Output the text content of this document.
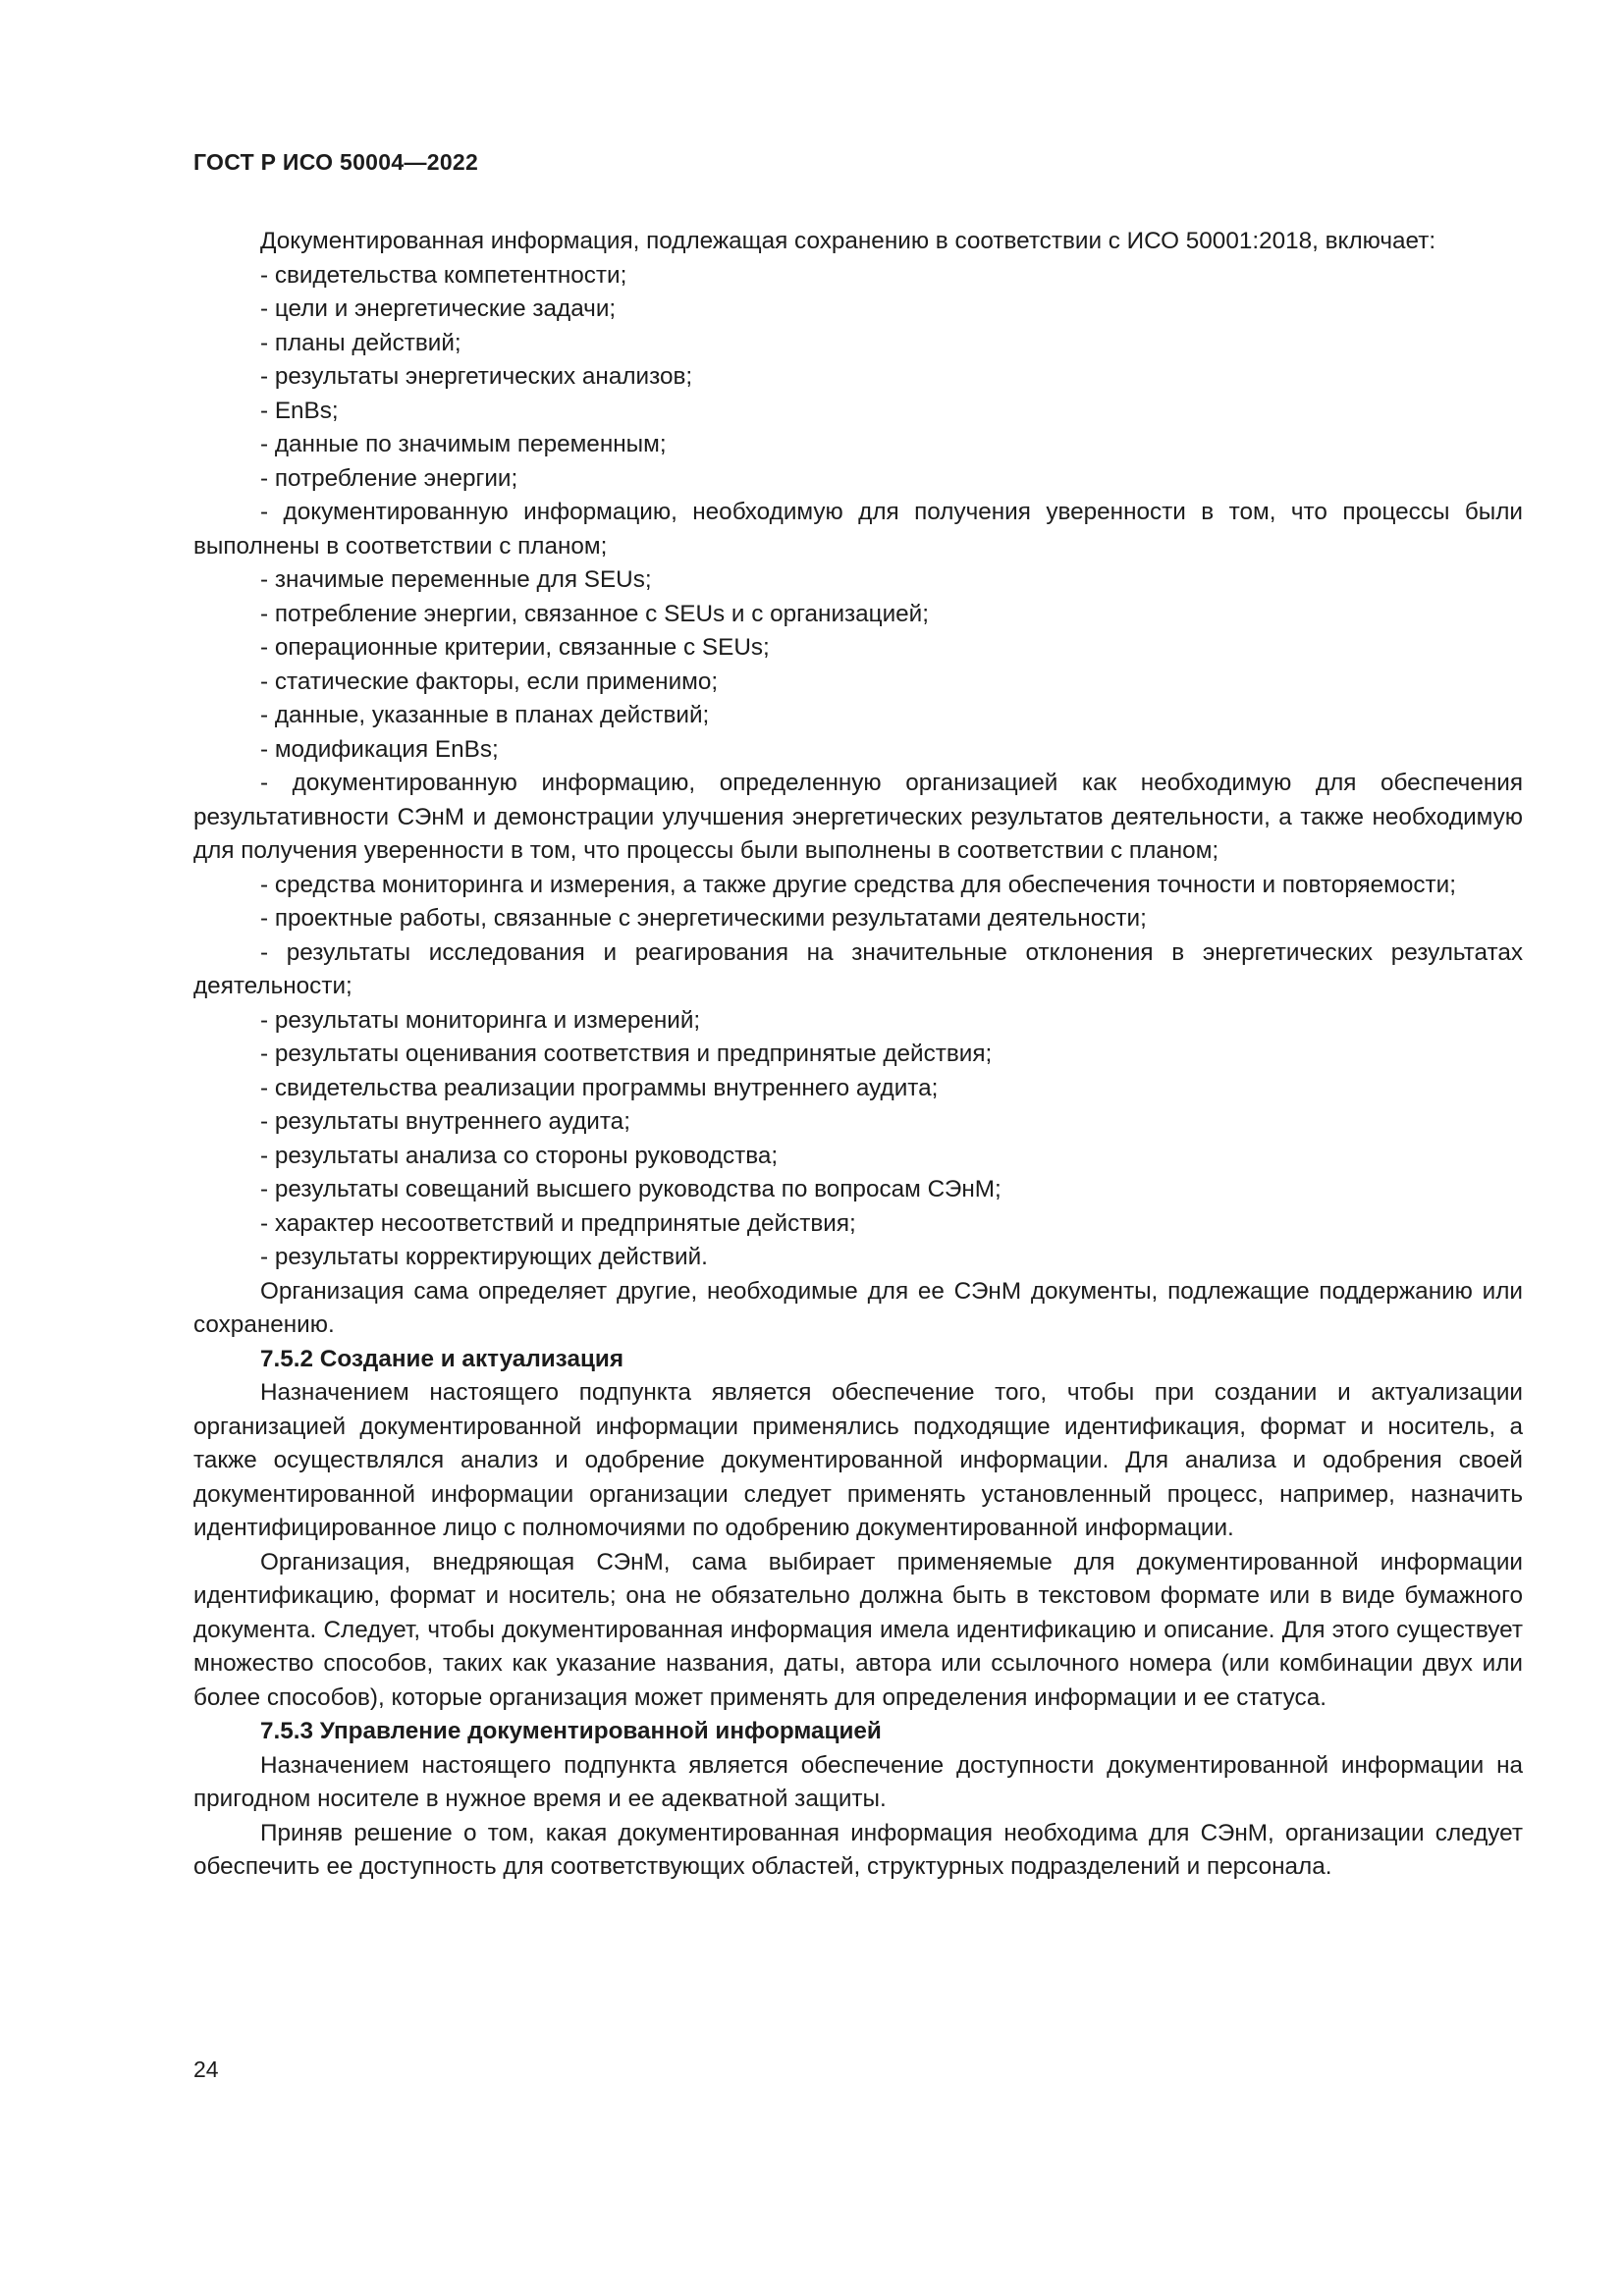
ГОСТ Р ИСО 50004—2022

Документированная информация, подлежащая сохранению в соответствии с ИСО 50001:2018, включает:

- свидетельства компетентности;

- цели и энергетические задачи;

- планы действий;

- результаты энергетических анализов;

- EnBs;

- данные по значимым переменным;

- потребление энергии;

- документированную информацию, необходимую для получения уверенности в том, что процессы были выполнены в соответствии с планом;

- значимые переменные для SEUs;

- потребление энергии, связанное с SEUs и с организацией;

- операционные критерии, связанные с SEUs;

- статические факторы, если применимо;

- данные, указанные в планах действий;

- модификация EnBs;

- документированную информацию, определенную организацией как необходимую для обеспечения результативности СЭнМ и демонстрации улучшения энергетических результатов деятельности, а также необходимую для получения уверенности в том, что процессы были выполнены в соответствии с планом;

- средства мониторинга и измерения, а также другие средства для обеспечения точности и повторяемости;

- проектные работы, связанные с энергетическими результатами деятельности;

- результаты исследования и реагирования на значительные отклонения в энергетических результатах деятельности;

- результаты мониторинга и измерений;

- результаты оценивания соответствия и предпринятые действия;

- свидетельства реализации программы внутреннего аудита;

- результаты внутреннего аудита;

- результаты анализа со стороны руководства;

- результаты совещаний высшего руководства по вопросам СЭнМ;

- характер несоответствий и предпринятые действия;

- результаты корректирующих действий.

Организация сама определяет другие, необходимые для ее СЭнМ документы, подлежащие поддержанию или сохранению.

7.5.2 Создание и актуализация

Назначением настоящего подпункта является обеспечение того, чтобы при создании и актуализации организацией документированной информации применялись подходящие идентификация, формат и носитель, а также осуществлялся анализ и одобрение документированной информации. Для анализа и одобрения своей документированной информации организации следует применять установленный процесс, например, назначить идентифицированное лицо с полномочиями по одобрению документированной информации.

Организация, внедряющая СЭнМ, сама выбирает применяемые для документированной информации идентификацию, формат и носитель; она не обязательно должна быть в текстовом формате или в виде бумажного документа. Следует, чтобы документированная информация имела идентификацию и описание. Для этого существует множество способов, таких как указание названия, даты, автора или ссылочного номера (или комбинации двух или более способов), которые организация может применять для определения информации и ее статуса.

7.5.3 Управление документированной информацией

Назначением настоящего подпункта является обеспечение доступности документированной информации на пригодном носителе в нужное время и ее адекватной защиты.

Приняв решение о том, какая документированная информация необходима для СЭнМ, организации следует обеспечить ее доступность для соответствующих областей, структурных подразделений и персонала.

24
